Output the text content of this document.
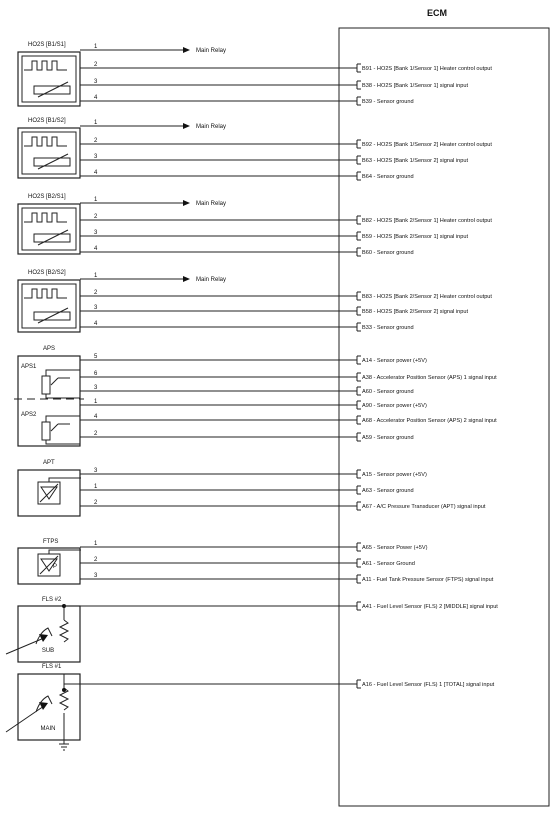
ECM
HO2S [B1/S1]	1
Main Relay
2
B91 - HO2S [Bank 1/Sensor 1] Heater control output
3
B38 - HO2S [Bank 1/Sensor 1] signal input
4
B39 - Sensor ground
HO2S [B1/S2]	1
Main Relay
2
B92 - HO2S [Bank 1/Sensor 2] Heater control output
3
B63 - HO2S [Bank 1/Sensor 2] signal input
4
B64 - Sensor ground
HO2S [B2/S1]	1
Main Relay
2
B82 - HO2S [Bank 2/Sensor 1] Heater control output
3
B59 - HO2S [Bank 2/Sensor 1] signal input
4
B60 - Sensor ground
HO2S [B2/S2]	1
Main Relay
2
B83 - HO2S [Bank 2/Sensor 2] Heater control output
3
B58 - HO2S [Bank 2/Sensor 2] signal input
4
B33 - Sensor ground
APS
APS1
APS2
5
A14 - Sensor power (+5V)
6
A38 - Accelerator Position Sensor (APS) 1 signal input
3
A60 - Sensor ground
1
A90 - Sensor power (+5V)
4
A68 - Accelerator Position Sensor (APS) 2 signal input
2
A59 - Sensor ground
APT
3
A15 - Sensor power (+5V)
1
A63 - Sensor ground
2
A67 - A/C Pressure Transducer (APT) signal input
FTPS
P
1
A65 - Sensor Power (+5V)
2
A61 - Sensor Ground
3
A11 - Fuel Tank Pressure Sensor (FTPS) signal input
FLS #2
SUB
A41 - Fuel Level Sensor (FLS) 2 [MIDDLE] signal input
FLS #1
MAIN
A16 - Fuel Level Sensor (FLS) 1 [TOTAL] signal input
